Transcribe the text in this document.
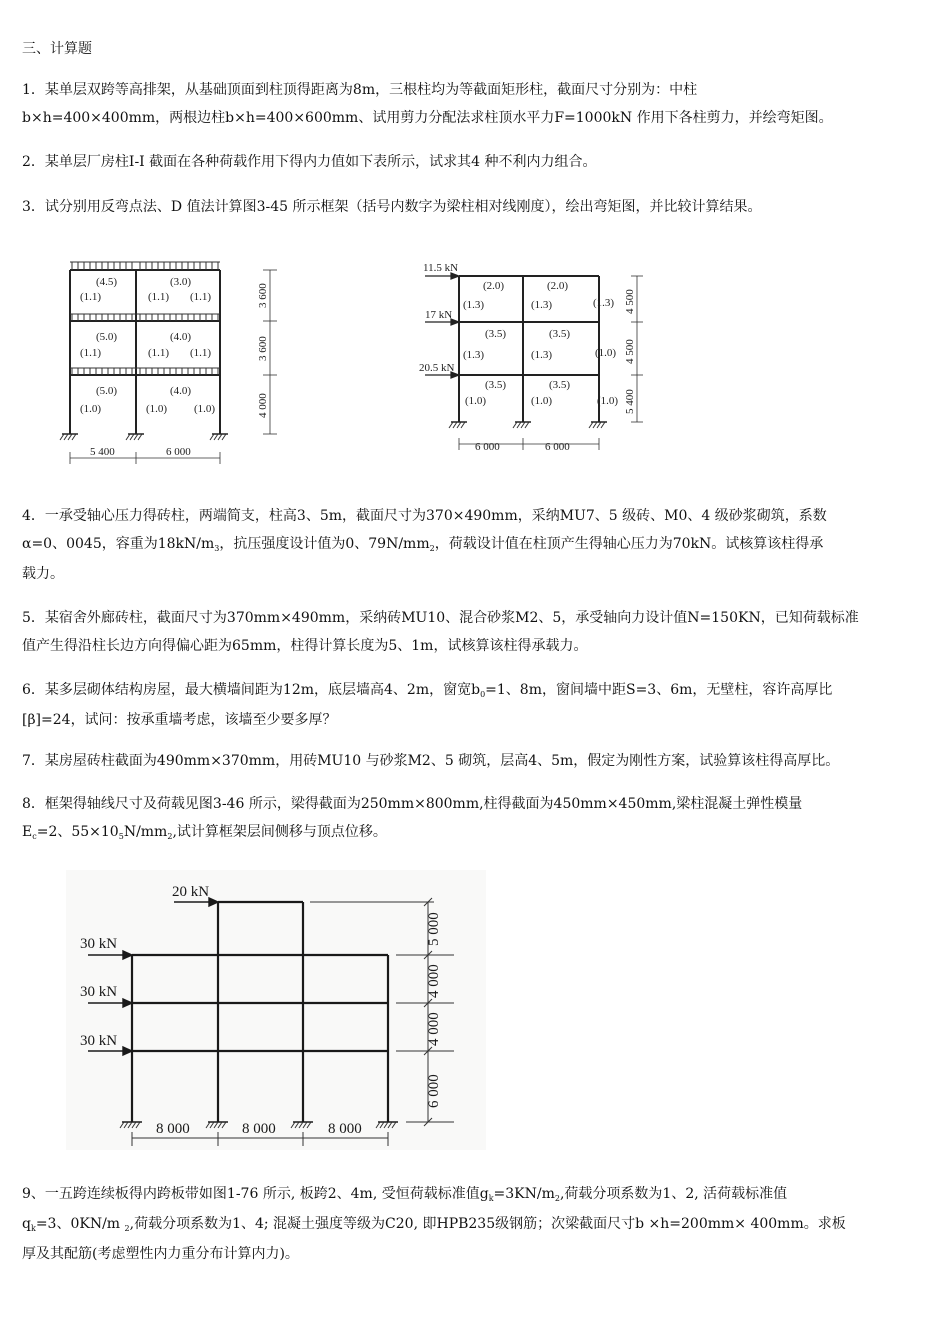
三、计算题
1．某单层双跨等高排架，从基础顶面到柱顶得距离为8m，三根柱均为等截面矩形柱，截面尺寸分别为：中柱
b×h=400×400mm，两根边柱b×h=400×600mm、试用剪力分配法求柱顶水平力F=1000kN 作用下各柱剪力，并绘弯矩图。
2．某单层厂房柱I-I 截面在各种荷载作用下得内力值如下表所示，试求其4 种不利内力组合。
3．试分别用反弯点法、D 值法计算图3-45 所示框架（括号内数字为梁柱相对线刚度），绘出弯矩图，并比较计算结果。
(4.5)	(3.0)
(1.1)	(1.1) (1.1)
(5.0)	(4.0)
(1.1)	(1.1) (1.1)
(5.0)	(4.0)
(1.0)	(1.0) (1.0)
3 600
3 600
4 000
5 400	6 000
11.5 kN
17 kN
20.5 kN
(2.0)	(2.0)
(1.3)	(1.3)	(1.3)
(3.5)	(3.5)
(1.3)	(1.3)	(1.0)
(3.5)	(3.5)
(1.0)	(1.0)	(1.0)
4 500
4 500
5 400
6 000	6 000
4．一承受轴心压力得砖柱，两端简支，柱高3、5m，截面尺寸为370×490mm，采纳MU7、5 级砖、M0、4 级砂浆砌筑，系数
α=0、0045，容重为$18kN/m_3$，抗压强度设计值为0、$79N/mm_2$，荷载设计值在柱顶产生得轴心压力为70kN。试核算该柱得承
载力。
5．某宿舍外廊砖柱，截面尺寸为370mm×490mm，采纳砖MU10、混合砂浆M2、5，承受轴向力设计值N=150KN，已知荷载标准
值产生得沿柱长边方向得偏心距为65mm，柱得计算长度为5、1m，试核算该柱得承载力。
6．某多层砌体结构房屋，最大横墙间距为12m，底层墙高4、2m，窗宽$b_0=1$、8m，窗间墙中距S=3、6m，无壁柱，容许高厚比
[β]=24，试问：按承重墙考虑，该墙至少要多厚？
7．某房屋砖柱截面为490mm×370mm，用砖MU10 与砂浆M2、5 砌筑，层高4、5m，假定为刚性方案，试验算该柱得高厚比。
8．框架得轴线尺寸及荷载见图3-46 所示，梁得截面为250mm×800mm,柱得截面为450mm×450mm,梁柱混凝土弹性模量
$E_c=2$、$55\times 10_5N/mm_2$,试计算框架层间侧移与顶点位移。
20 kN
30 kN
30 kN
30 kN
5 000
4 000
4 000
6 000
8 000	8 000	8 000
9、一五跨连续板得内跨板带如图1-76 所示, 板跨2、4m, 受恒荷载标准值$g_k=3KN/m_2$,荷载分项系数为1、2, 活荷载标准值
$q_k=3$、0KN/m $_2$,荷载分项系数为1、4; 混凝土强度等级为C20, 即HPB235级钢筋；次梁截面尺寸b ×h=200mm× 400mm。求板
厚及其配筋(考虑塑性内力重分布计算内力)。
